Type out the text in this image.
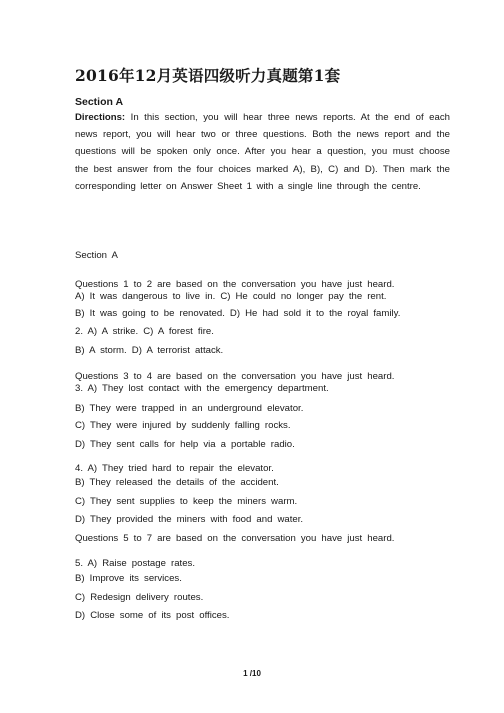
2016年12月英语四级听力真题第1套
Section A
Directions: In this section, you will hear three news reports. At the end of each news report, you will hear two or three questions. Both the news report and the questions will be spoken only once. After you hear a question, you must choose the best answer from the four choices marked A), B), C) and D). Then mark the corresponding letter on Answer Sheet 1 with a single line through the centre.
Section A
Questions 1 to 2 are based on the conversation you have just heard.
A) It was dangerous to live in. C) He could no longer pay the rent.
B) It was going to be renovated. D) He had sold it to the royal family.
2. A) A strike. C) A forest fire.
B) A storm. D) A terrorist attack.
Questions 3 to 4 are based on the conversation you have just heard.
3. A) They lost contact with the emergency department.
B) They were trapped in an underground elevator.
C) They were injured by suddenly falling rocks.
D) They sent calls for help via a portable radio.
4. A) They tried hard to repair the elevator.
B) They released the details of the accident.
C) They sent supplies to keep the miners warm.
D) They provided the miners with food and water.
Questions 5 to 7 are based on the conversation you have just heard.
5. A) Raise postage rates.
B) Improve its services.
C) Redesign delivery routes.
D) Close some of its post offices.
1 /10
